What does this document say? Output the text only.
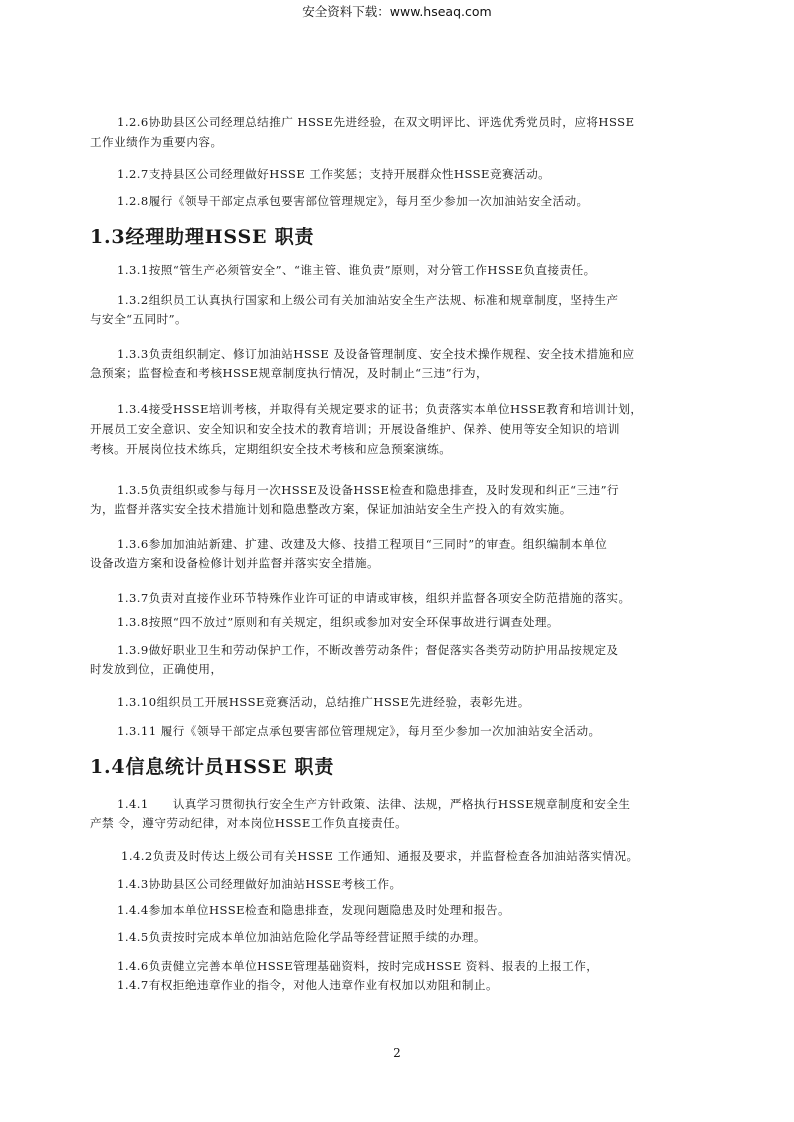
安全资料下载：www.hseaq.com
1.2.6协助县区公司经理总结推广 HSSE先进经验，在双文明评比、评选优秀党员时，应将HSSE
工作业绩作为重要内容。
1.2.7支持县区公司经理做好HSSE 工作奖惩；支持开展群众性HSSE竞赛活动。
1.2.8履行《领导干部定点承包要害部位管理规定》，每月至少参加一次加油站安全活动。
1.3经理助理HSSE 职责
1.3.1按照“管生产必须管安全”、“谁主管、谁负责”原则，对分管工作HSSE负直接责任。
1.3.2组织员工认真执行国家和上级公司有关加油站安全生产法规、标准和规章制度，坚持生产
与安全“五同时”。
1.3.3负责组织制定、修订加油站HSSE 及设备管理制度、安全技术操作规程、安全技术措施和应
急预案；监督检查和考核HSSE规章制度执行情况，及时制止“三违”行为，
1.3.4接受HSSE培训考核，并取得有关规定要求的证书；负责落实本单位HSSE教育和培训计划，
开展员工安全意识、安全知识和安全技术的教育培训；开展设备维护、保养、使用等安全知识的培训
考核。开展岗位技术练兵，定期组织安全技术考核和应急预案演练。
1.3.5负责组织或参与每月一次HSSE及设备HSSE检查和隐患排查，及时发现和纠正“三违”行
为，监督并落实安全技术措施计划和隐患整改方案，保证加油站安全生产投入的有效实施。
1.3.6参加加油站新建、扩建、改建及大修、技措工程项目“三同时”的审查。组织编制本单位
设备改造方案和设备检修计划并监督并落实安全措施。
1.3.7负责对直接作业环节特殊作业许可证的申请或审核，组织并监督各项安全防范措施的落实。
1.3.8按照“四不放过”原则和有关规定，组织或参加对安全环保事故进行调查处理。
1.3.9做好职业卫生和劳动保护工作，不断改善劳动条件；督促落实各类劳动防护用品按规定及
时发放到位，正确使用，
1.3.10组织员工开展HSSE竞赛活动，总结推广HSSE先进经验，表彰先进。
1.3.11 履行《领导干部定点承包要害部位管理规定》，每月至少参加一次加油站安全活动。
1.4信息统计员HSSE 职责
1.4.1　　认真学习贯彻执行安全生产方针政策、法律、法规，严格执行HSSE规章制度和安全生
产禁 令，遵守劳动纪律，对本岗位HSSE工作负直接责任。
1.4.2负责及时传达上级公司有关HSSE 工作通知、通报及要求，并监督检查各加油站落实情况。
1.4.3协助县区公司经理做好加油站HSSE考核工作。
1.4.4参加本单位HSSE检查和隐患排查，发现问题隐患及时处理和报告。
1.4.5负责按时完成本单位加油站危险化学品等经营证照手续的办理。
1.4.6负责健立完善本单位HSSE管理基础资料，按时完成HSSE 资料、报表的上报工作，
1.4.7有权拒绝违章作业的指令，对他人违章作业有权加以劝阻和制止。
2
